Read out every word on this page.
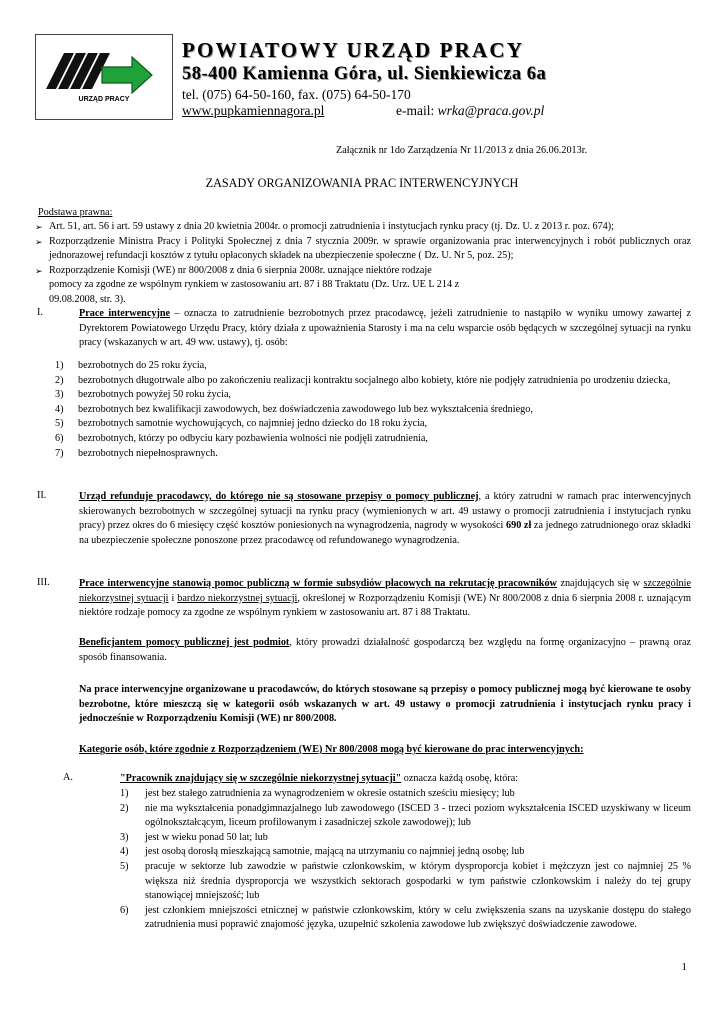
URZĄD PRACY
POWIATOWY URZĄD PRACY
58-400 Kamienna Góra, ul. Sienkiewicza 6a
tel. (075) 64-50-160, fax. (075) 64-50-170
www.pupkamiennagora.pl	e-mail: wrka@praca.gov.pl
Załącznik nr 1do Zarządzenia Nr 11/2013 z dnia 26.06.2013r.
ZASADY ORGANIZOWANIA PRAC INTERWENCYJNYCH
Podstawa prawna:
➢ Art. 51, art. 56 i art. 59 ustawy z dnia 20 kwietnia 2004r. o promocji zatrudnienia i instytucjach rynku pracy (tj. Dz. U. z 2013 r. poz. 674);
➢ Rozporządzenie Ministra Pracy i Polityki Społecznej z dnia 7 stycznia 2009r. w sprawie organizowania prac interwencyjnych i robót publicznych oraz jednorazowej refundacji kosztów z tytułu opłaconych składek na ubezpieczenie społeczne ( Dz. U. Nr 5, poz. 25);
➢ Rozporządzenie Komisji (WE) nr 800/2008 z dnia 6 sierpnia 2008r. uznające niektóre rodzaje pomocy za zgodne ze wspólnym rynkiem w zastosowaniu art. 87 i 88 Traktatu (Dz. Urz. UE L 214 z 09.08.2008, str. 3).
I.	Prace interwencyjne – oznacza to zatrudnienie bezrobotnych przez pracodawcę, jeżeli zatrudnienie to nastąpiło w wyniku umowy zawartej z Dyrektorem Powiatowego Urzędu Pracy, który działa z upoważnienia Starosty i ma na celu wsparcie osób będących w szczególnej sytuacji na rynku pracy (wskazanych w art. 49 ww. ustawy), tj. osób:
1)	bezrobotnych do 25 roku życia,
2)	bezrobotnych długotrwale albo po zakończeniu realizacji kontraktu socjalnego albo kobiety, które nie podjęły zatrudnienia po urodzeniu dziecka,
3)	bezrobotnych powyżej 50 roku życia,
4)	bezrobotnych bez kwalifikacji zawodowych, bez doświadczenia zawodowego lub bez wykształcenia średniego,
5)	bezrobotnych samotnie wychowujących, co najmniej jedno dziecko do 18 roku życia,
6)	bezrobotnych, którzy po odbyciu kary pozbawienia wolności nie podjęli zatrudnienia,
7)	bezrobotnych niepełnosprawnych.
II.	Urząd refunduje pracodawcy, do którego nie są stosowane przepisy o pomocy publicznej, a który zatrudni w ramach prac interwencyjnych skierowanych bezrobotnych w szczególnej sytuacji na rynku pracy (wymienionych w art. 49 ustawy o promocji zatrudnienia i instytucjach rynku pracy) przez okres do 6 miesięcy część kosztów poniesionych na wynagrodzenia, nagrody w wysokości 690 zł za jednego zatrudnionego oraz składki na ubezpieczenie społeczne ponoszone przez pracodawcę od refundowanego wynagrodzenia.
III.	Prace interwencyjne stanowią pomoc publiczną w formie subsydiów płacowych na rekrutację pracowników znajdujących się w szczególnie niekorzystnej sytuacji i bardzo niekorzystnej sytuacji, określonej w Rozporządzeniu Komisji (WE) Nr 800/2008 z dnia 6 sierpnia 2008 r. uznającym niektóre rodzaje pomocy za zgodne ze wspólnym rynkiem w zastosowaniu art. 87 i 88 Traktatu.
Beneficjantem pomocy publicznej jest podmiot, który prowadzi działalność gospodarczą bez względu na formę organizacyjno – prawną oraz sposób finansowania.
Na prace interwencyjne organizowane u pracodawców, do których stosowane są przepisy o pomocy publicznej mogą być kierowane te osoby bezrobotne, które mieszczą się w kategorii osób wskazanych w art. 49 ustawy o promocji zatrudnienia i instytucjach rynku pracy i jednocześnie w Rozporządzeniu Komisji (WE) nr 800/2008.
Kategorie osób, które zgodnie z Rozporządzeniem (WE) Nr 800/2008 mogą być kierowane do prac interwencyjnych:
A.	"Pracownik znajdujący się w szczególnie niekorzystnej sytuacji" oznacza każdą osobę, która:
1)	jest bez stałego zatrudnienia za wynagrodzeniem w okresie ostatnich sześciu miesięcy; lub
2)	nie ma wykształcenia ponadgimnazjalnego lub zawodowego (ISCED 3 - trzeci poziom wykształcenia ISCED uzyskiwany w liceum ogólnokształcącym, liceum profilowanym i zasadniczej szkole zawodowej); lub
3)	jest w wieku ponad 50 lat; lub
4)	jest osobą dorosłą mieszkającą samotnie, mającą na utrzymaniu co najmniej jedną osobę; lub
5)	pracuje w sektorze lub zawodzie w państwie członkowskim, w którym dysproporcja kobiet i mężczyzn jest co najmniej 25 % większa niż średnia dysproporcja we wszystkich sektorach gospodarki w tym państwie członkowskim i należy do tej grupy stanowiącej mniejszość; lub
6)	jest członkiem mniejszości etnicznej w państwie członkowskim, który w celu zwiększenia szans na uzyskanie dostępu do stałego zatrudnienia musi poprawić znajomość języka, uzupełnić szkolenia zawodowe lub zwiększyć doświadczenie zawodowe.
1
